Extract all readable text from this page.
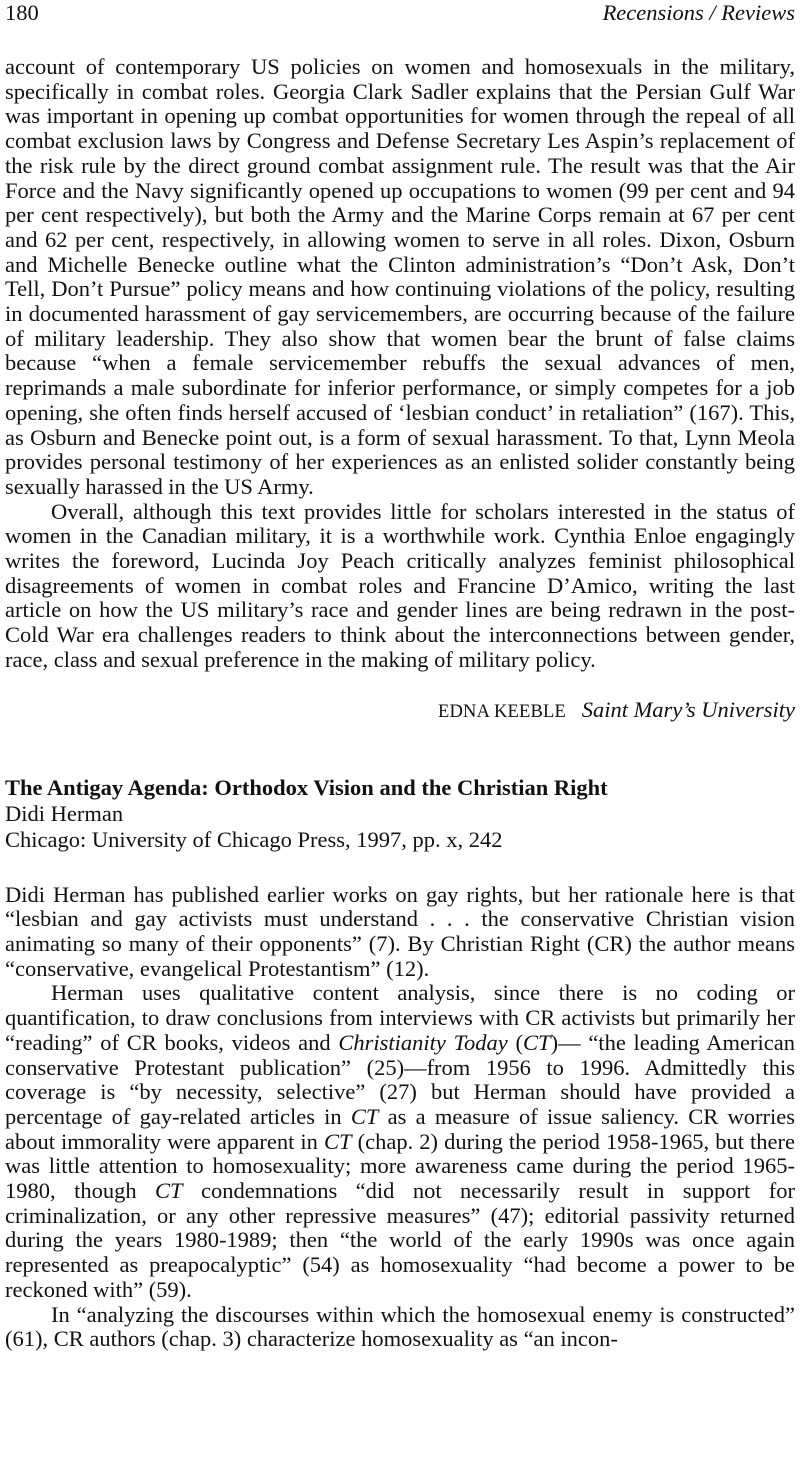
180	Recensions / Reviews

account of contemporary US policies on women and homosexuals in the military, specifically in combat roles. Georgia Clark Sadler explains that the Persian Gulf War was important in opening up combat opportunities for women through the repeal of all combat exclusion laws by Congress and Defense Secretary Les Aspin’s replacement of the risk rule by the direct ground combat assignment rule. The result was that the Air Force and the Navy significantly opened up occupations to women (99 per cent and 94 per cent respectively), but both the Army and the Marine Corps remain at 67 per cent and 62 per cent, respectively, in allowing women to serve in all roles. Dixon, Osburn and Michelle Benecke outline what the Clinton administration’s “Don’t Ask, Don’t Tell, Don’t Pursue” policy means and how continuing violations of the policy, resulting in documented harassment of gay servicemembers, are occurring because of the failure of military leadership. They also show that women bear the brunt of false claims because “when a female servicemember rebuffs the sexual advances of men, reprimands a male subordinate for inferior performance, or simply competes for a job opening, she often finds herself accused of ‘lesbian conduct’ in retaliation” (167). This, as Osburn and Benecke point out, is a form of sexual harassment. To that, Lynn Meola provides personal testimony of her experiences as an enlisted solider constantly being sexually harassed in the US Army.

Overall, although this text provides little for scholars interested in the status of women in the Canadian military, it is a worthwhile work. Cynthia Enloe engagingly writes the foreword, Lucinda Joy Peach critically analyzes feminist philosophical disagreements of women in combat roles and Francine D’Amico, writing the last article on how the US military’s race and gender lines are being redrawn in the post-Cold War era challenges readers to think about the interconnections between gender, race, class and sexual preference in the making of military policy.

EDNA KEEBLE Saint Mary’s University
The Antigay Agenda: Orthodox Vision and the Christian Right
Didi Herman
Chicago: University of Chicago Press, 1997, pp. x, 242

Didi Herman has published earlier works on gay rights, but her rationale here is that “lesbian and gay activists must understand . . . the conservative Christian vision animating so many of their opponents” (7). By Christian Right (CR) the author means “conservative, evangelical Protestantism” (12).

Herman uses qualitative content analysis, since there is no coding or quantification, to draw conclusions from interviews with CR activists but primarily her “reading” of CR books, videos and Christianity Today (CT)— “the leading American conservative Protestant publication” (25)—from 1956 to 1996. Admittedly this coverage is “by necessity, selective” (27) but Herman should have provided a percentage of gay-related articles in CT as a measure of issue saliency. CR worries about immorality were apparent in CT (chap. 2) during the period 1958-1965, but there was little attention to homosexuality; more awareness came during the period 1965-1980, though CT condemnations “did not necessarily result in support for criminalization, or any other repressive measures” (47); editorial passivity returned during the years 1980-1989; then “the world of the early 1990s was once again represented as preapocalyptic” (54) as homosexuality “had become a power to be reckoned with” (59).

In “analyzing the discourses within which the homosexual enemy is constructed” (61), CR authors (chap. 3) characterize homosexuality as “an incon-
